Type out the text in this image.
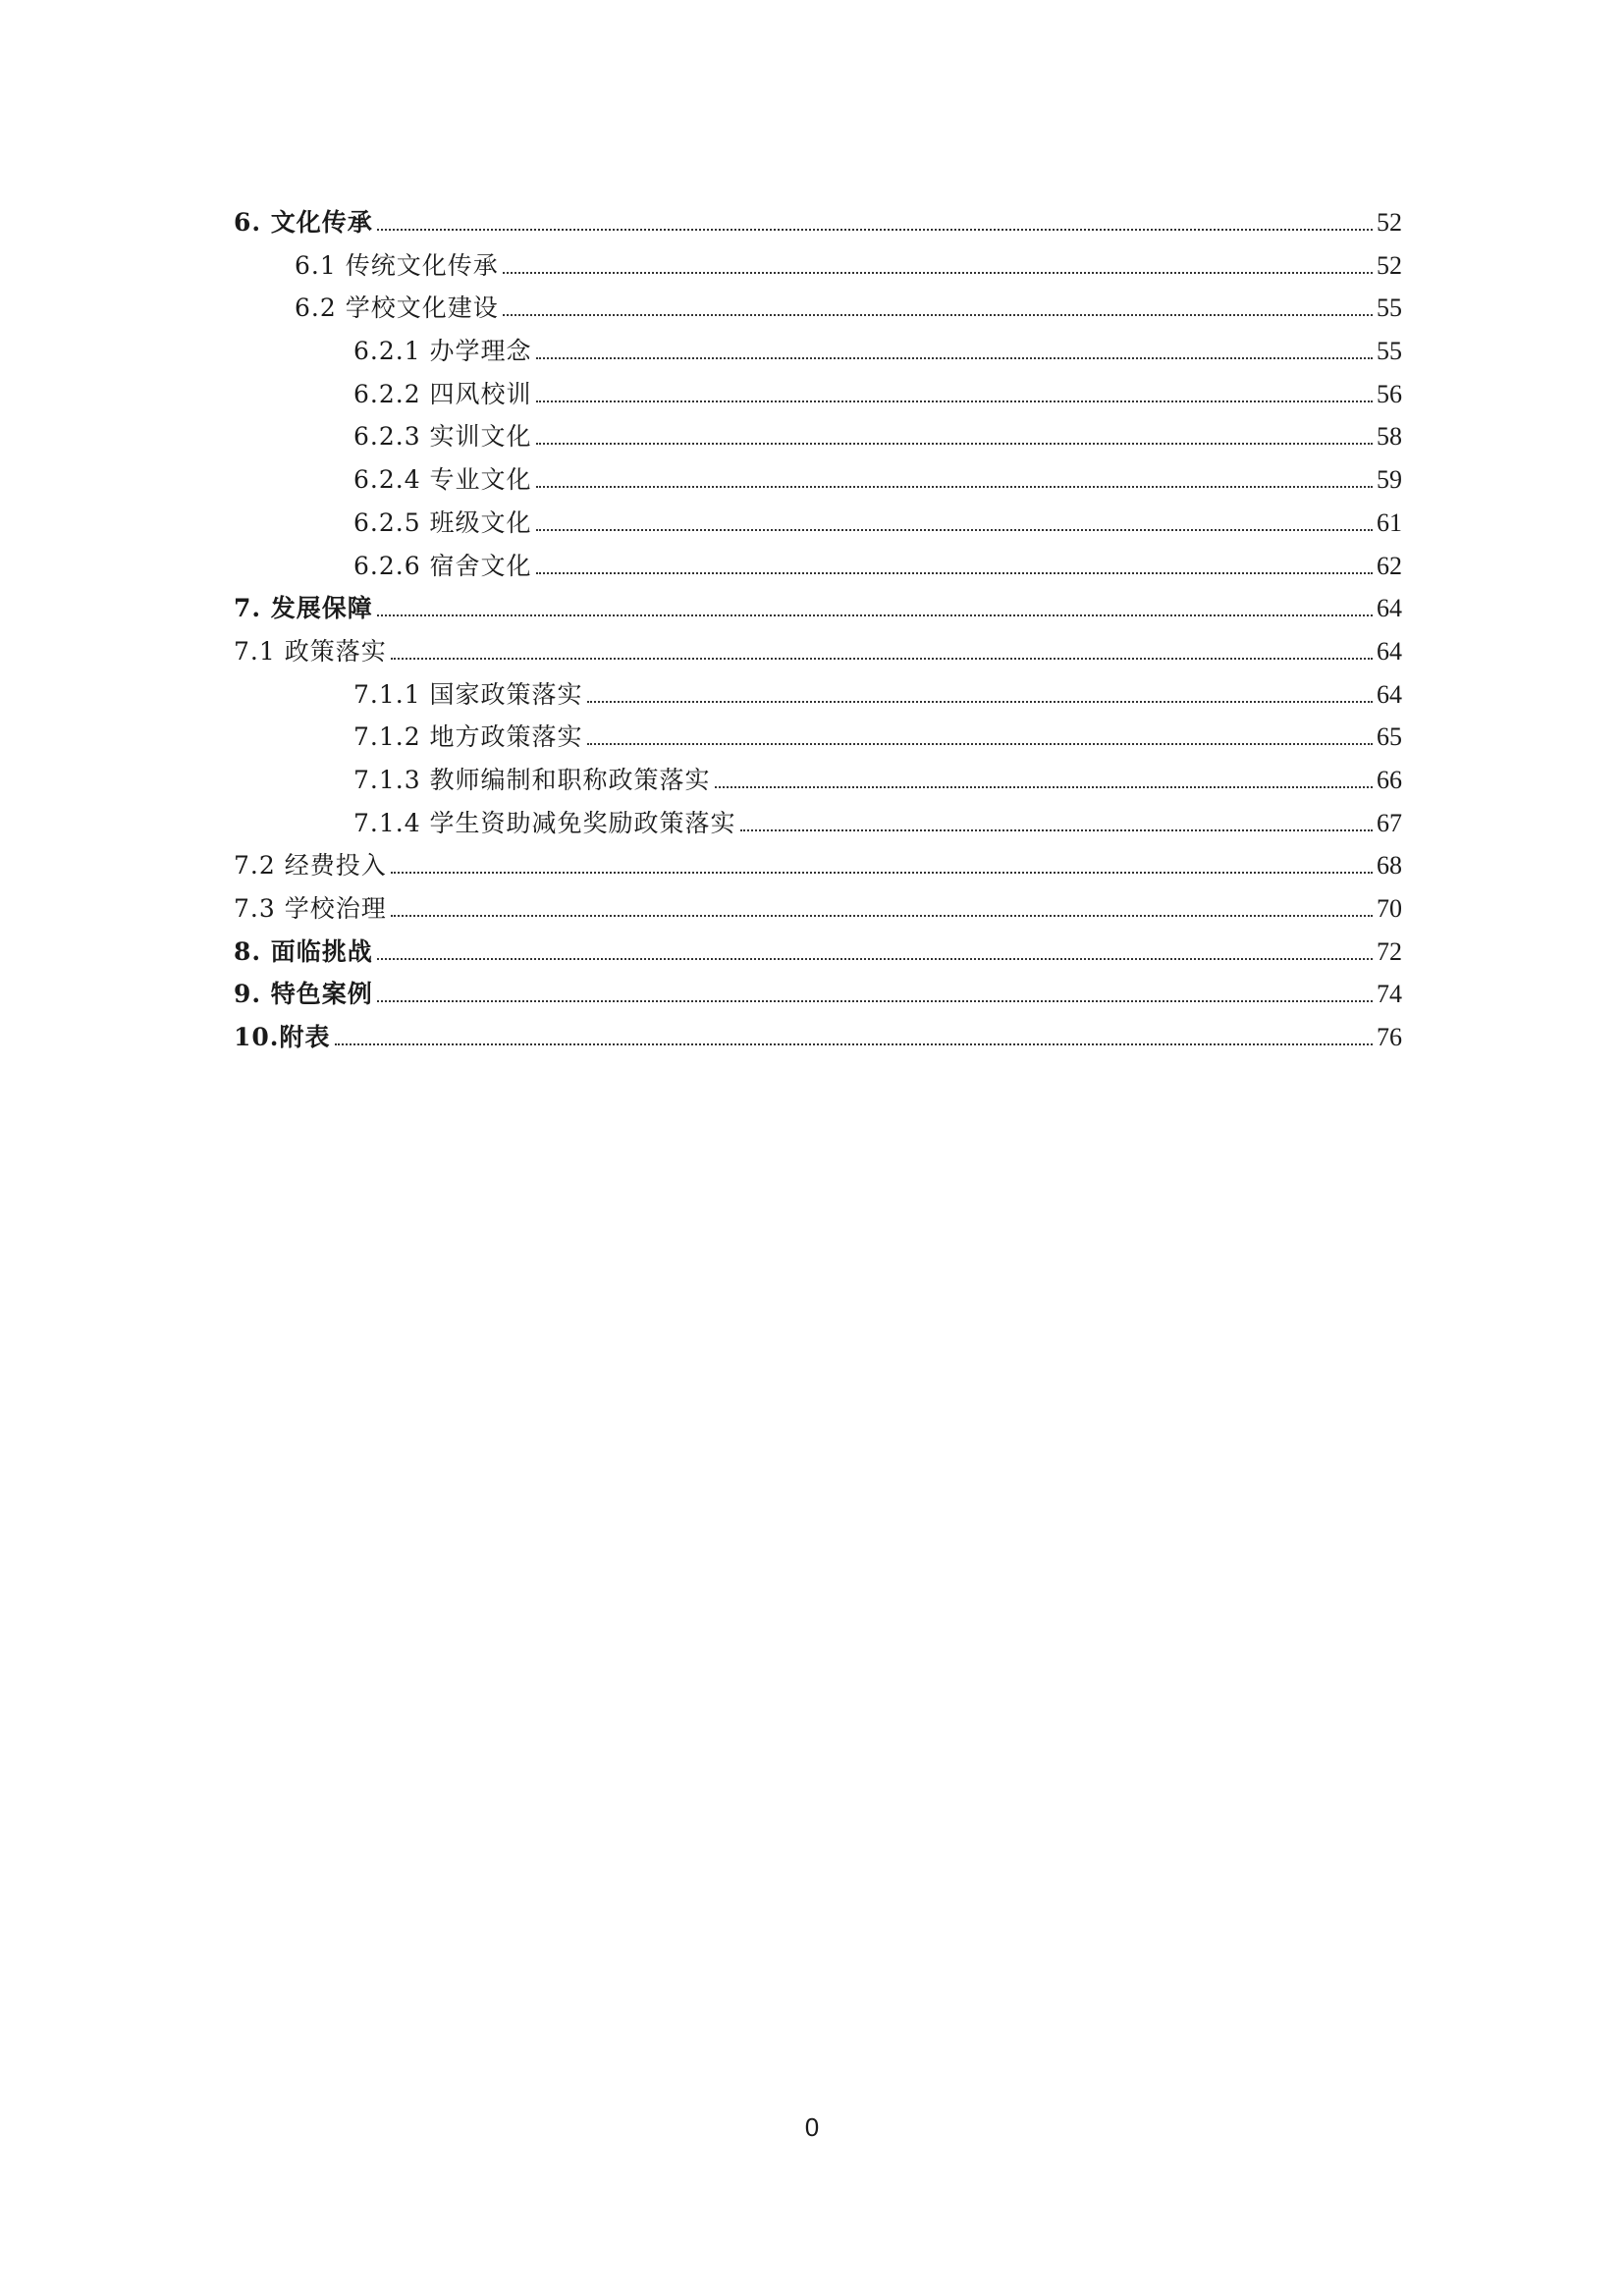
6. 文化传承	52
6.1 传统文化传承	52
6.2 学校文化建设	55
6.2.1 办学理念	55
6.2.2 四风校训	56
6.2.3 实训文化	58
6.2.4 专业文化	59
6.2.5 班级文化	61
6.2.6 宿舍文化	62
7. 发展保障	64
7.1 政策落实	64
7.1.1 国家政策落实	64
7.1.2 地方政策落实	65
7.1.3 教师编制和职称政策落实	66
7.1.4 学生资助减免奖励政策落实	67
7.2 经费投入	68
7.3 学校治理	70
8. 面临挑战	72
9. 特色案例	74
10.附表	76
0
